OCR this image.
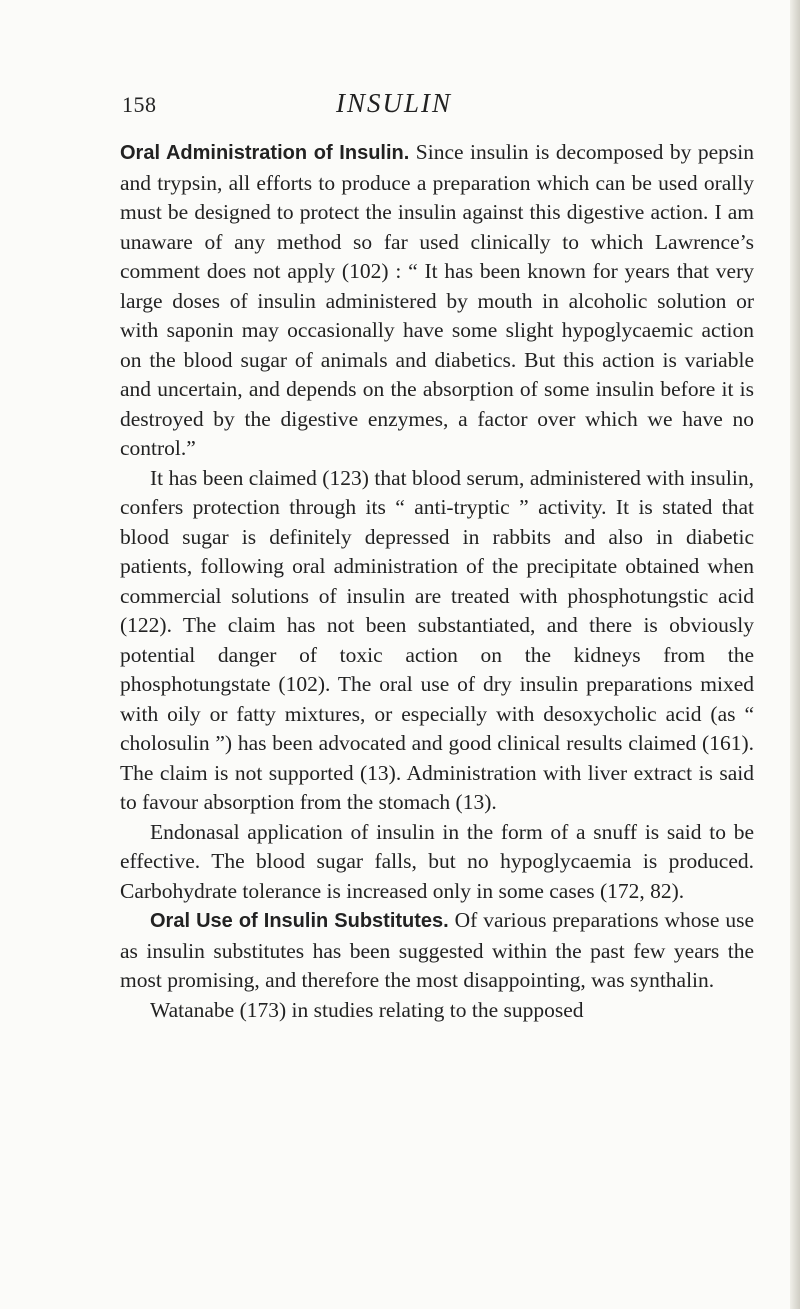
158	INSULIN

Oral Administration of Insulin. Since insulin is decomposed by pepsin and trypsin, all efforts to produce a preparation which can be used orally must be designed to protect the insulin against this digestive action. I am unaware of any method so far used clinically to which Lawrence’s comment does not apply (102) : “ It has been known for years that very large doses of insulin administered by mouth in alcoholic solution or with saponin may occasionally have some slight hypoglycaemic action on the blood sugar of animals and diabetics. But this action is variable and uncertain, and depends on the absorption of some insulin before it is destroyed by the digestive enzymes, a factor over which we have no control.”

It has been claimed (123) that blood serum, administered with insulin, confers protection through its “ anti-tryptic ” activity. It is stated that blood sugar is definitely depressed in rabbits and also in diabetic patients, following oral administration of the precipitate obtained when commercial solutions of insulin are treated with phosphotungstic acid (122). The claim has not been substantiated, and there is obviously potential danger of toxic action on the kidneys from the phosphotungstate (102). The oral use of dry insulin preparations mixed with oily or fatty mixtures, or especially with desoxycholic acid (as “ cholosulin ”) has been advocated and good clinical results claimed (161). The claim is not supported (13). Administration with liver extract is said to favour absorption from the stomach (13).

Endonasal application of insulin in the form of a snuff is said to be effective. The blood sugar falls, but no hypoglycaemia is produced. Carbohydrate tolerance is increased only in some cases (172, 82).

Oral Use of Insulin Substitutes. Of various preparations whose use as insulin substitutes has been suggested within the past few years the most promising, and therefore the most disappointing, was synthalin.

Watanabe (173) in studies relating to the supposed
